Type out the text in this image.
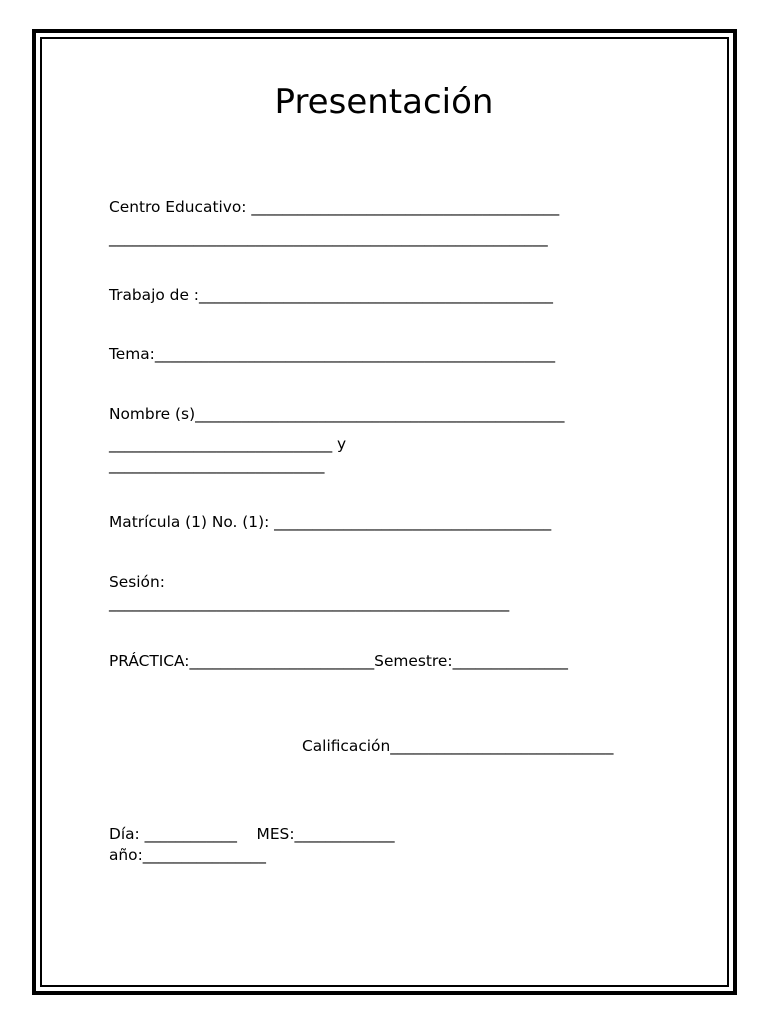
Presentación
Centro Educativo: ________________________________________
_________________________________________________________
Trabajo de :______________________________________________
Tema:____________________________________________________
Nombre (s)________________________________________________
_____________________________ y
____________________________
Matrícula (1) No. (1): ____________________________________
Sesión:
____________________________________________________
PRÁCTICA:________________________Semestre:_______________
Calificación_____________________________
Día: ____________    MES:_____________
año:________________
